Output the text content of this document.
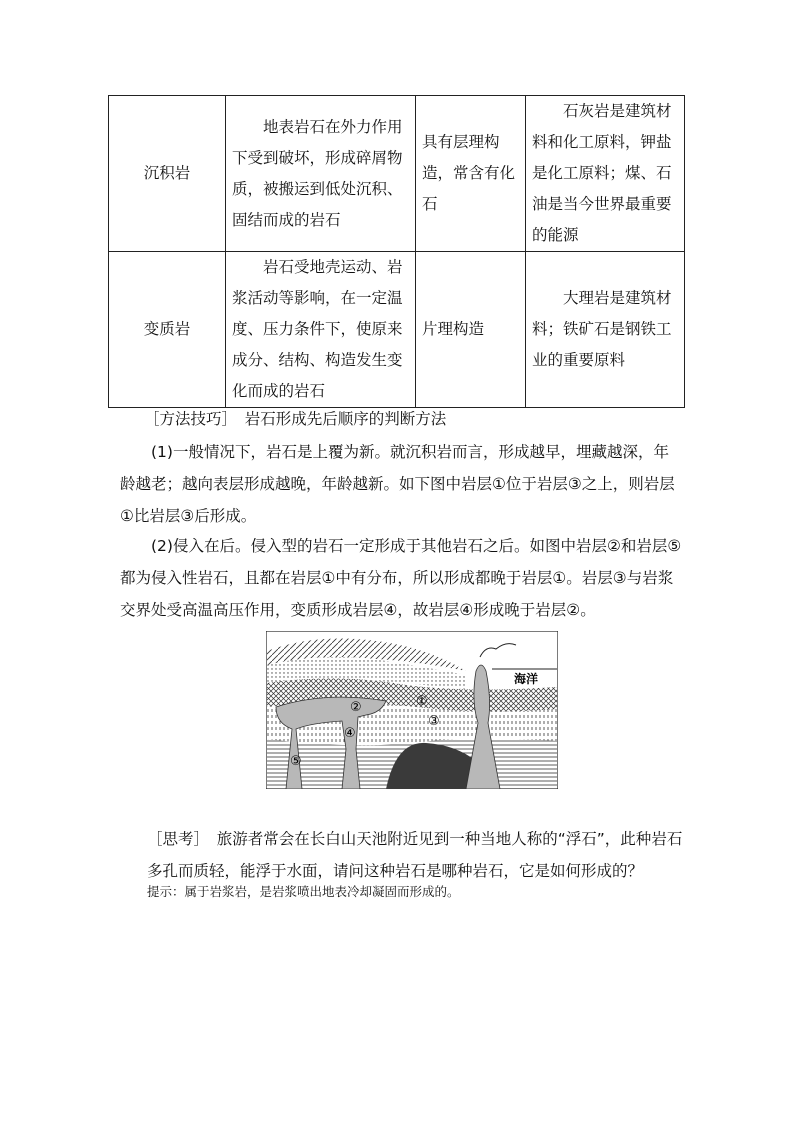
沉积岩	地表岩石在外力作用下受到破坏，形成碎屑物质，被搬运到低处沉积、固结而成的岩石	具有层理构造，常含有化石	石灰岩是建筑材料和化工原料，钾盐是化工原料；煤、石油是当今世界最重要的能源
变质岩	岩石受地壳运动、岩浆活动等影响，在一定温度、压力条件下，使原来成分、结构、构造发生变化而成的岩石	片理构造	大理岩是建筑材料；铁矿石是钢铁工业的重要原料
［方法技巧］　岩石形成先后顺序的判断方法
(1)一般情况下，岩石是上覆为新。就沉积岩而言，形成越早，埋藏越深，年龄越老；越向表层形成越晚，年龄越新。如下图中岩层①位于岩层③之上，则岩层①比岩层③后形成。
(2)侵入在后。侵入型的岩石一定形成于其他岩石之后。如图中岩层②和岩层⑤都为侵入性岩石，且都在岩层①中有分布，所以形成都晚于岩层①。岩层③与岩浆交界处受高温高压作用，变质形成岩层④，故岩层④形成晚于岩层②。
①
②
③
④
⑤
海洋
［思考］　旅游者常会在长白山天池附近见到一种当地人称的“浮石”，此种岩石多孔而质轻，能浮于水面，请问这种岩石是哪种岩石，它是如何形成的？
提示：属于岩浆岩，是岩浆喷出地表冷却凝固而形成的。
